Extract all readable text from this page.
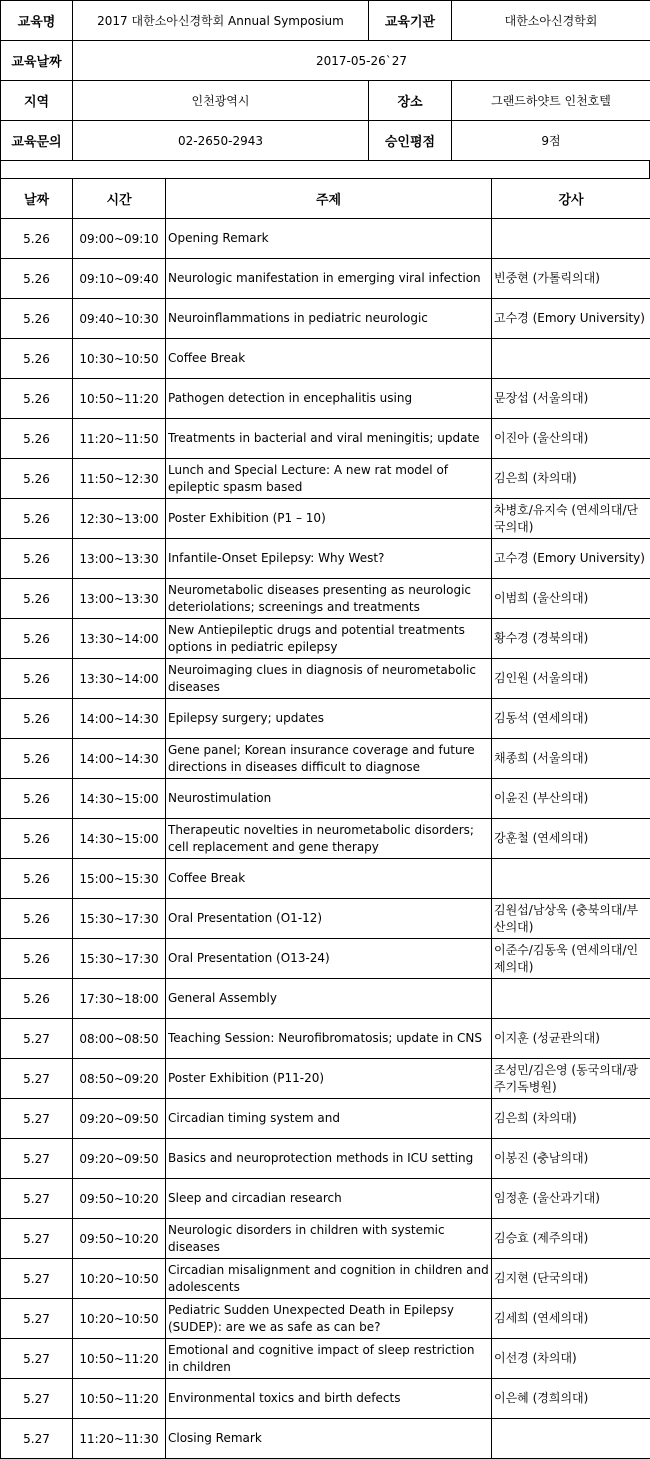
교육명	2017 대한소아신경학회 Annual Symposium	교육기관	대한소아신경학회
교육날짜	2017-05-26`27		
지역	인천광역시	장소	그랜드하얏트 인천호텔
교육문의	02-2650-2943	승인평점	9점
날짜	시간	주제	강사
5.26	09:00~09:10	Opening Remark	
5.26	09:10~09:40	Neurologic manifestation in emerging viral infection	빈중현 (가톨릭의대)
5.26	09:40~10:30	Neuroinflammations in pediatric neurologic	고수경 (Emory University)
5.26	10:30~10:50	Coffee Break	
5.26	10:50~11:20	Pathogen detection in encephalitis using	문장섭 (서울의대)
5.26	11:20~11:50	Treatments in bacterial and viral meningitis; update	이진아 (울산의대)
5.26	11:50~12:30	Lunch and Special Lecture: A new rat model of epileptic spasm based	김은희 (차의대)
5.26	12:30~13:00	Poster Exhibition (P1 – 10)	차병호/유지숙 (연세의대/단국의대)
5.26	13:00~13:30	Infantile-Onset Epilepsy: Why West?	고수경 (Emory University)
5.26	13:00~13:30	Neurometabolic diseases presenting as neurologic deteriolations; screenings and treatments	이범희 (울산의대)
5.26	13:30~14:00	New Antiepileptic drugs and potential treatments options in pediatric epilepsy	황수경 (경북의대)
5.26	13:30~14:00	Neuroimaging clues in diagnosis of neurometabolic diseases	김인원 (서울의대)
5.26	14:00~14:30	Epilepsy surgery; updates	김동석 (연세의대)
5.26	14:00~14:30	Gene panel; Korean insurance coverage and future directions in diseases difficult to diagnose	채종희 (서울의대)
5.26	14:30~15:00	Neurostimulation	이윤진 (부산의대)
5.26	14:30~15:00	Therapeutic novelties in neurometabolic disorders; cell replacement and gene therapy	강훈철 (연세의대)
5.26	15:00~15:30	Coffee Break	
5.26	15:30~17:30	Oral Presentation (O1-12)	김원섭/남상욱 (충북의대/부산의대)
5.26	15:30~17:30	Oral Presentation (O13-24)	이준수/김동욱 (연세의대/인제의대)
5.26	17:30~18:00	General Assembly	
5.27	08:00~08:50	Teaching Session: Neurofibromatosis; update in CNS	이지훈 (성균관의대)
5.27	08:50~09:20	Poster Exhibition (P11-20)	조성민/김은영 (동국의대/광주기독병원)
5.27	09:20~09:50	Circadian timing system and	김은희 (차의대)
5.27	09:20~09:50	Basics and neuroprotection methods in ICU setting	이봉진 (충남의대)
5.27	09:50~10:20	Sleep and circadian research	임정훈 (울산과기대)
5.27	09:50~10:20	Neurologic disorders in children with systemic diseases	김승효 (제주의대)
5.27	10:20~10:50	Circadian misalignment and cognition in children and adolescents	김지현 (단국의대)
5.27	10:20~10:50	Pediatric Sudden Unexpected Death in Epilepsy (SUDEP): are we as safe as can be?	김세희 (연세의대)
5.27	10:50~11:20	Emotional and cognitive impact of sleep restriction in children	이선경 (차의대)
5.27	10:50~11:20	Environmental toxics and birth defects	이은혜 (경희의대)
5.27	11:20~11:30	Closing Remark	
